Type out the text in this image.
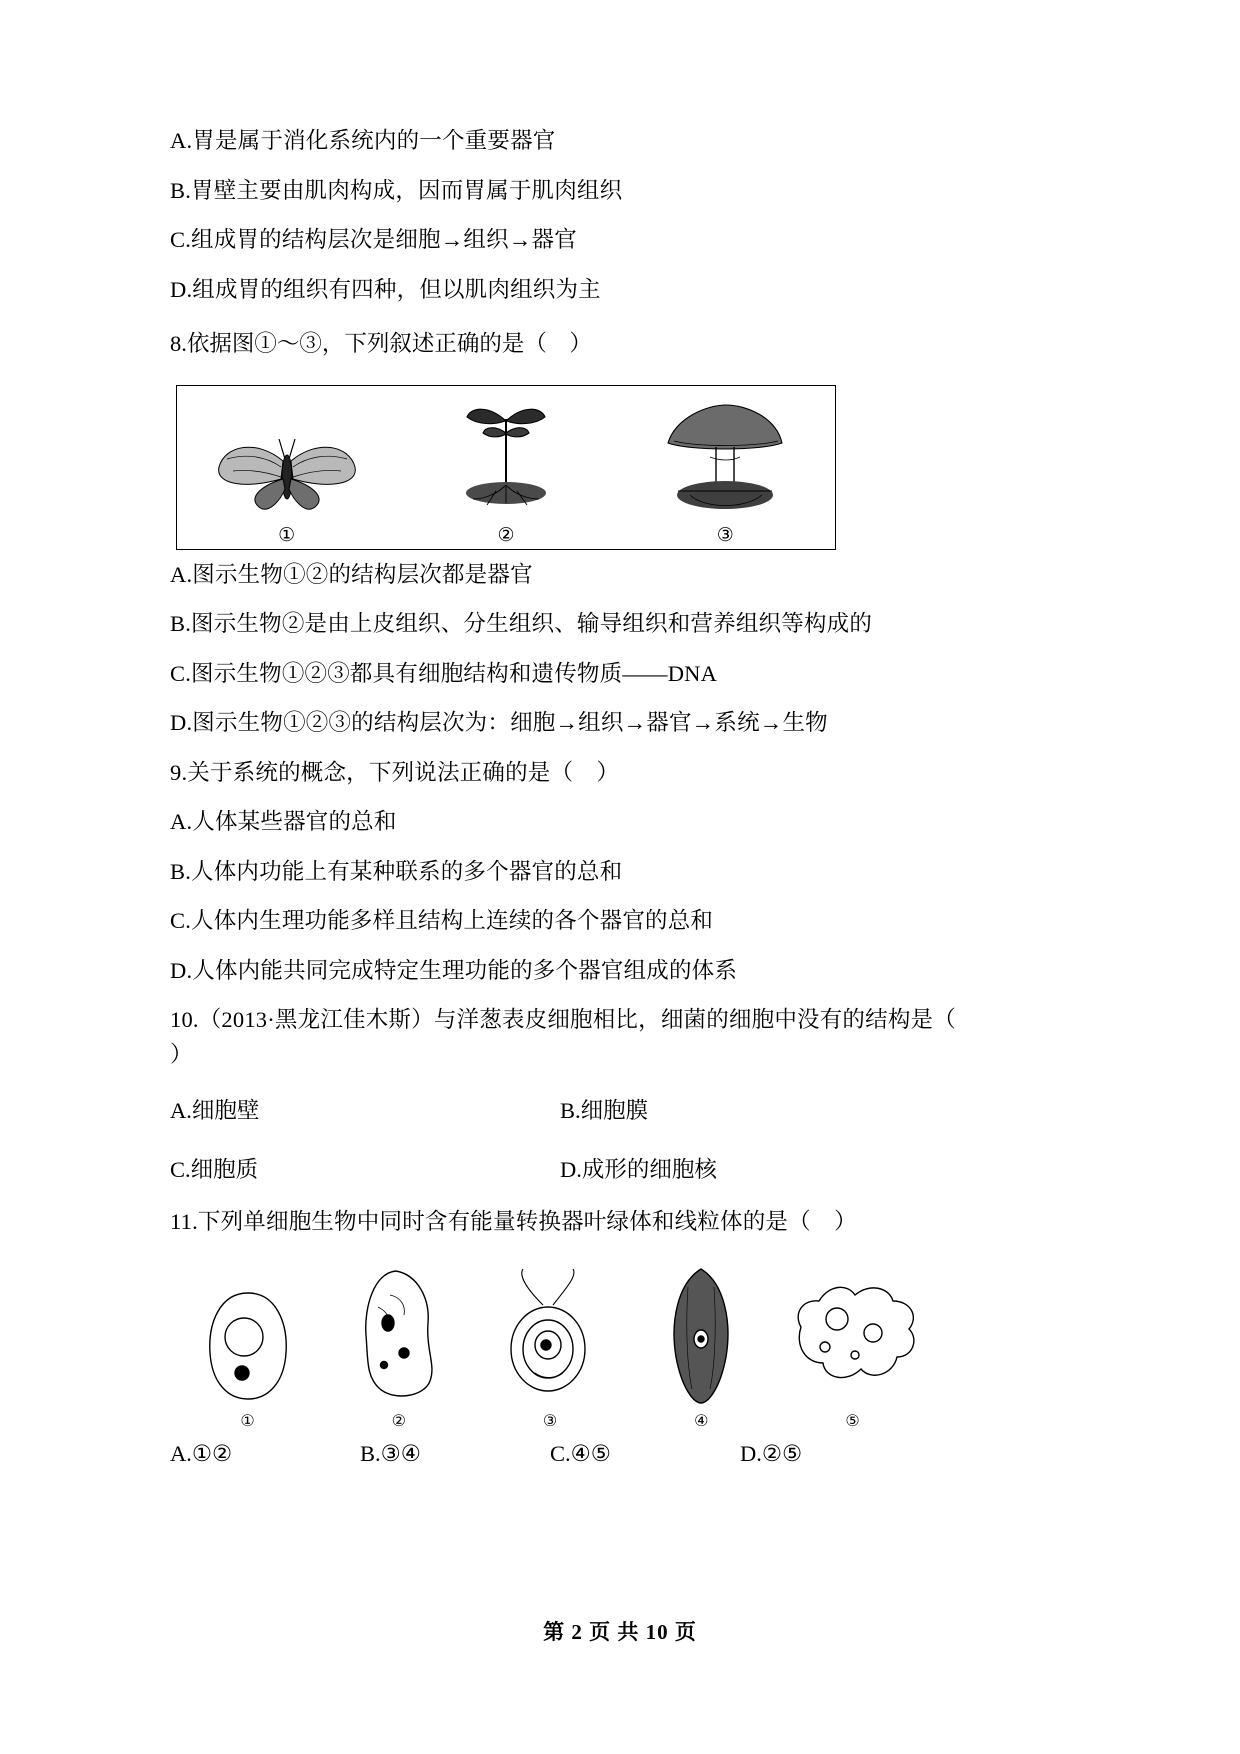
A.胃是属于消化系统内的一个重要器官
B.胃壁主要由肌肉构成，因而胃属于肌肉组织
C.组成胃的结构层次是细胞→组织→器官
D.组成胃的组织有四种，但以肌肉组织为主
8.依据图①～③，下列叙述正确的是（    ）
①	②	③
A.图示生物①②的结构层次都是器官
B.图示生物②是由上皮组织、分生组织、输导组织和营养组织等构成的
C.图示生物①②③都具有细胞结构和遗传物质——DNA
D.图示生物①②③的结构层次为：细胞→组织→器官→系统→生物
9.关于系统的概念，下列说法正确的是（    ）
A.人体某些器官的总和
B.人体内功能上有某种联系的多个器官的总和
C.人体内生理功能多样且结构上连续的各个器官的总和
D.人体内能共同完成特定生理功能的多个器官组成的体系
10.（2013·黑龙江佳木斯）与洋葱表皮细胞相比，细菌的细胞中没有的结构是（
）
A.细胞壁	B.细胞膜
C.细胞质	D.成形的细胞核
11.下列单细胞生物中同时含有能量转换器叶绿体和线粒体的是（    ）
①	②	③	④	⑤
A.①②	B.③④	C.④⑤	D.②⑤
第 2 页 共 10 页
